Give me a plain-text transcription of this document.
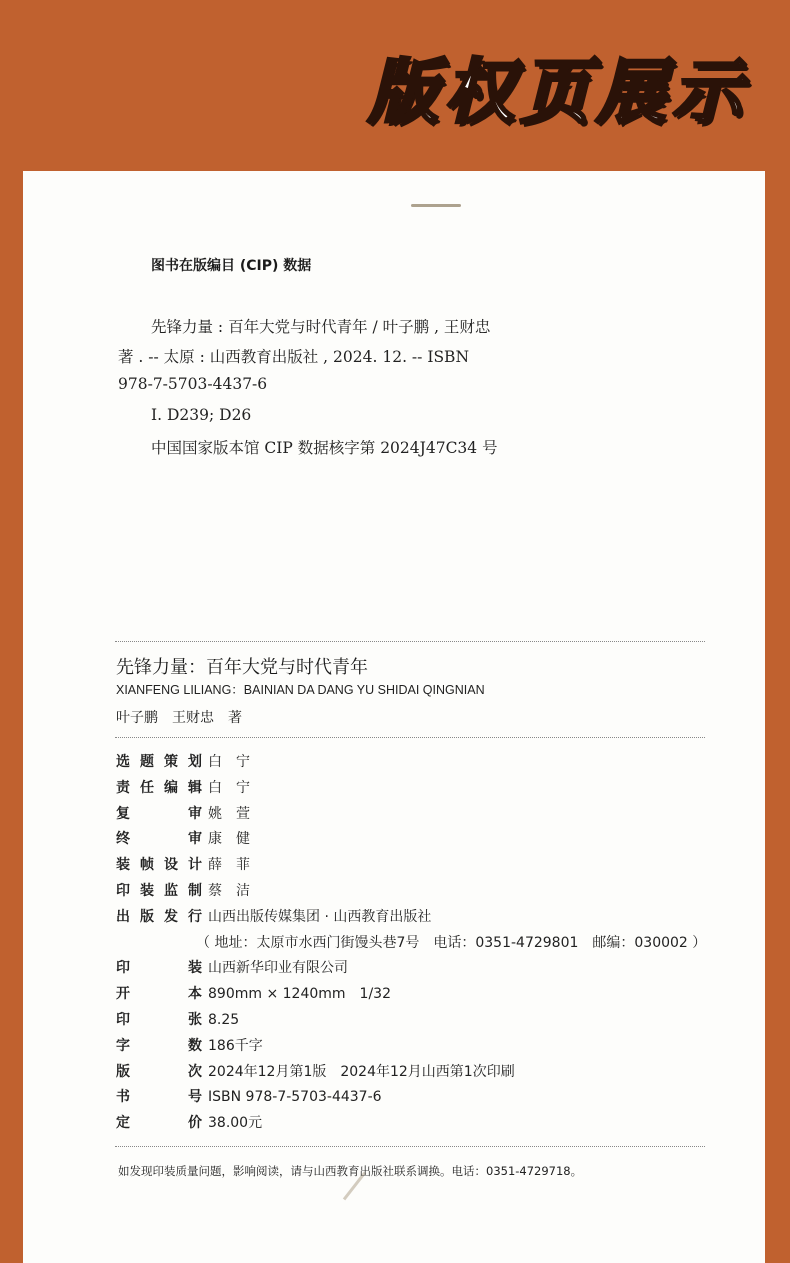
版权页展示
图书在版编目 (CIP) 数据
先锋力量 : 百年大党与时代青年 / 叶子鹏 , 王财忠
著 . -- 太原 : 山西教育出版社 , 2024. 12. -- ISBN
978-7-5703-4437-6
Ⅰ. D239; D26
中国国家版本馆 CIP 数据核字第 2024J47C34 号
先锋力量：百年大党与时代青年
XIANFENG LILIANG：BAINIAN DA DANG YU SHIDAI QINGNIAN
叶子鹏　王财忠　著
选题策划 白　宁
责任编辑 白　宁
复审 姚　萱
终审 康　健
装帧设计 薛　菲
印装监制 蔡　洁
出版发行 山西出版传媒集团 · 山西教育出版社
（ 地址：太原市水西门街馒头巷7号　电话：0351-4729801　邮编：030002 ）
印装 山西新华印业有限公司
开本 890mm × 1240mm　1/32
印张 8.25
字数 186千字
版次 2024年12月第1版　2024年12月山西第1次印刷
书号 ISBN 978-7-5703-4437-6
定价 38.00元
如发现印装质量问题，影响阅读，请与山西教育出版社联系调换。电话：0351-4729718。
